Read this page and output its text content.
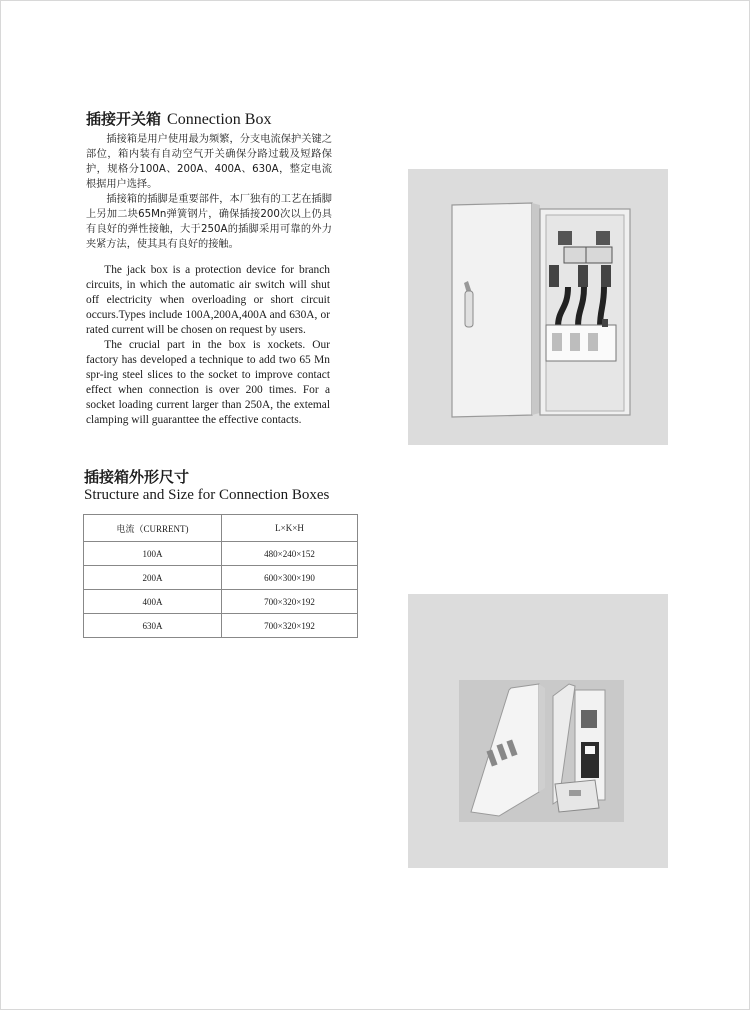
插接开关箱 Connection Box

插接箱是用户使用最为频繁，分支电流保护关键之部位，箱内装有自动空气开关确保分路过载及短路保护，规格分100A、200A、400A、630A，整定电流根据用户选择。

插接箱的插脚是重要部件，本厂独有的工艺在插脚上另加二块65Mn弹簧钢片，确保插接200次以上仍具有良好的弹性接触，大于250A的插脚采用可靠的外力夹紧方法，使其具有良好的接触。

The jack box is a protection device for branch circuits, in which the automatic air switch will shut off electricity when overloading or short circuit occurs.Types include 100A,200A,400A and 630A, or rated current will be chosen on request by users.

The crucial part in the box is xockets. Our factory has developed a technique to add two 65 Mn spr-ing steel slices to the socket to improve contact effect when connection is over 200 times. For a socket loading current larger than 250A, the extemal clamping will guaranttee the effective contacts.

插接箱外形尺寸
Structure and Size for Connection Boxes
电流（CURRENT)	L×K×H
100A	480×240×152
200A	600×300×190
400A	700×320×192
630A	700×320×192
